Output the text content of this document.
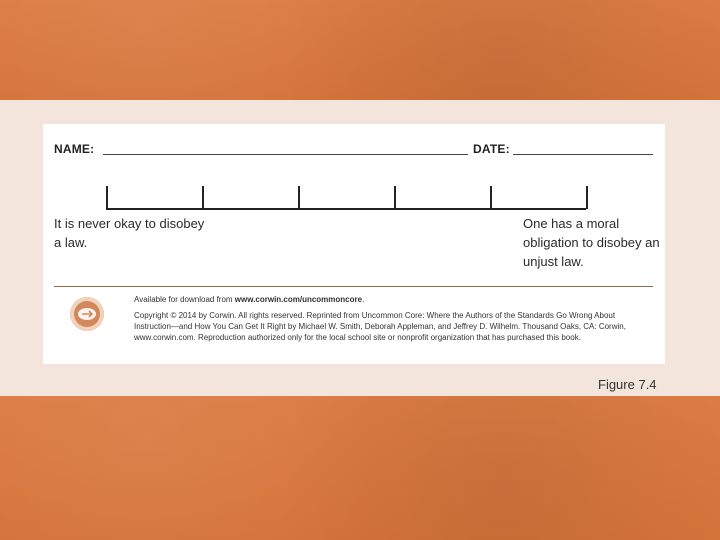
NAME:	DATE:
It is never okay to disobey a law.
One has a moral obligation to disobey an unjust law.
Available for download from www.corwin.com/uncommoncore.
Copyright © 2014 by Corwin. All rights reserved. Reprinted from Uncommon Core: Where the Authors of the Standards Go Wrong About Instruction—and How You Can Get It Right by Michael W. Smith, Deborah Appleman, and Jeffrey D. Wilhelm. Thousand Oaks, CA: Corwin, www.corwin.com. Reproduction authorized only for the local school site or nonprofit organization that has purchased this book.
Figure 7.4
